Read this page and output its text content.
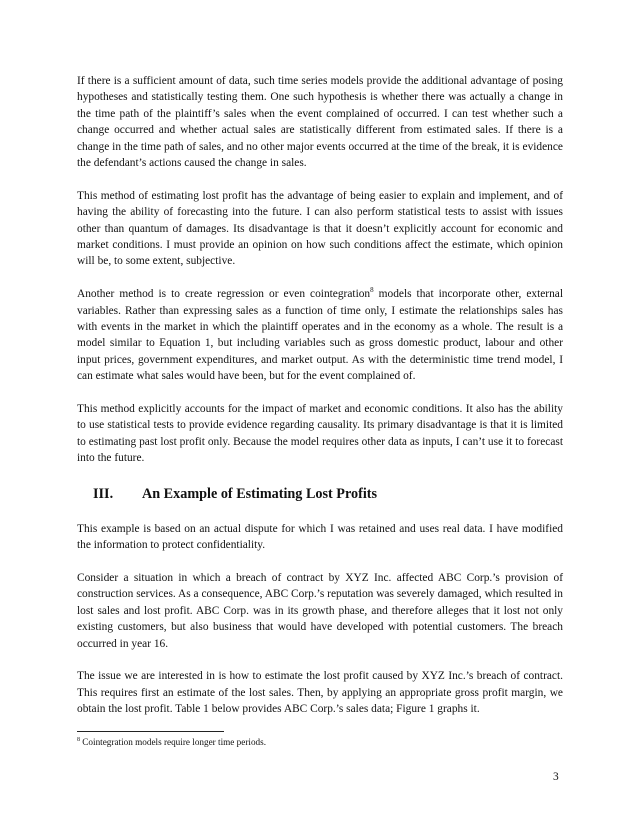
If there is a sufficient amount of data, such time series models provide the additional advantage of posing hypotheses and statistically testing them. One such hypothesis is whether there was actually a change in the time path of the plaintiff’s sales when the event complained of occurred. I can test whether such a change occurred and whether actual sales are statistically different from estimated sales. If there is a change in the time path of sales, and no other major events occurred at the time of the break, it is evidence the defendant’s actions caused the change in sales.

This method of estimating lost profit has the advantage of being easier to explain and implement, and of having the ability of forecasting into the future. I can also perform statistical tests to assist with issues other than quantum of damages. Its disadvantage is that it doesn’t explicitly account for economic and market conditions. I must provide an opinion on how such conditions affect the estimate, which opinion will be, to some extent, subjective.

Another method is to create regression or even cointegration$^8$ models that incorporate other, external variables. Rather than expressing sales as a function of time only, I estimate the relationships sales has with events in the market in which the plaintiff operates and in the economy as a whole. The result is a model similar to Equation 1, but including variables such as gross domestic product, labour and other input prices, government expenditures, and market output. As with the deterministic time trend model, I can estimate what sales would have been, but for the event complained of.

This method explicitly accounts for the impact of market and economic conditions. It also has the ability to use statistical tests to provide evidence regarding causality. Its primary disadvantage is that it is limited to estimating past lost profit only. Because the model requires other data as inputs, I can’t use it to forecast into the future.

III.	An Example of Estimating Lost Profits

This example is based on an actual dispute for which I was retained and uses real data. I have modified the information to protect confidentiality.

Consider a situation in which a breach of contract by XYZ Inc. affected ABC Corp.’s provision of construction services. As a consequence, ABC Corp.’s reputation was severely damaged, which resulted in lost sales and lost profit. ABC Corp. was in its growth phase, and therefore alleges that it lost not only existing customers, but also business that would have developed with potential customers. The breach occurred in year 16.

The issue we are interested in is how to estimate the lost profit caused by XYZ Inc.’s breach of contract. This requires first an estimate of the lost sales. Then, by applying an appropriate gross profit margin, we obtain the lost profit. Table 1 below provides ABC Corp.’s sales data; Figure 1 graphs it.

$^8$ Cointegration models require longer time periods.
3
